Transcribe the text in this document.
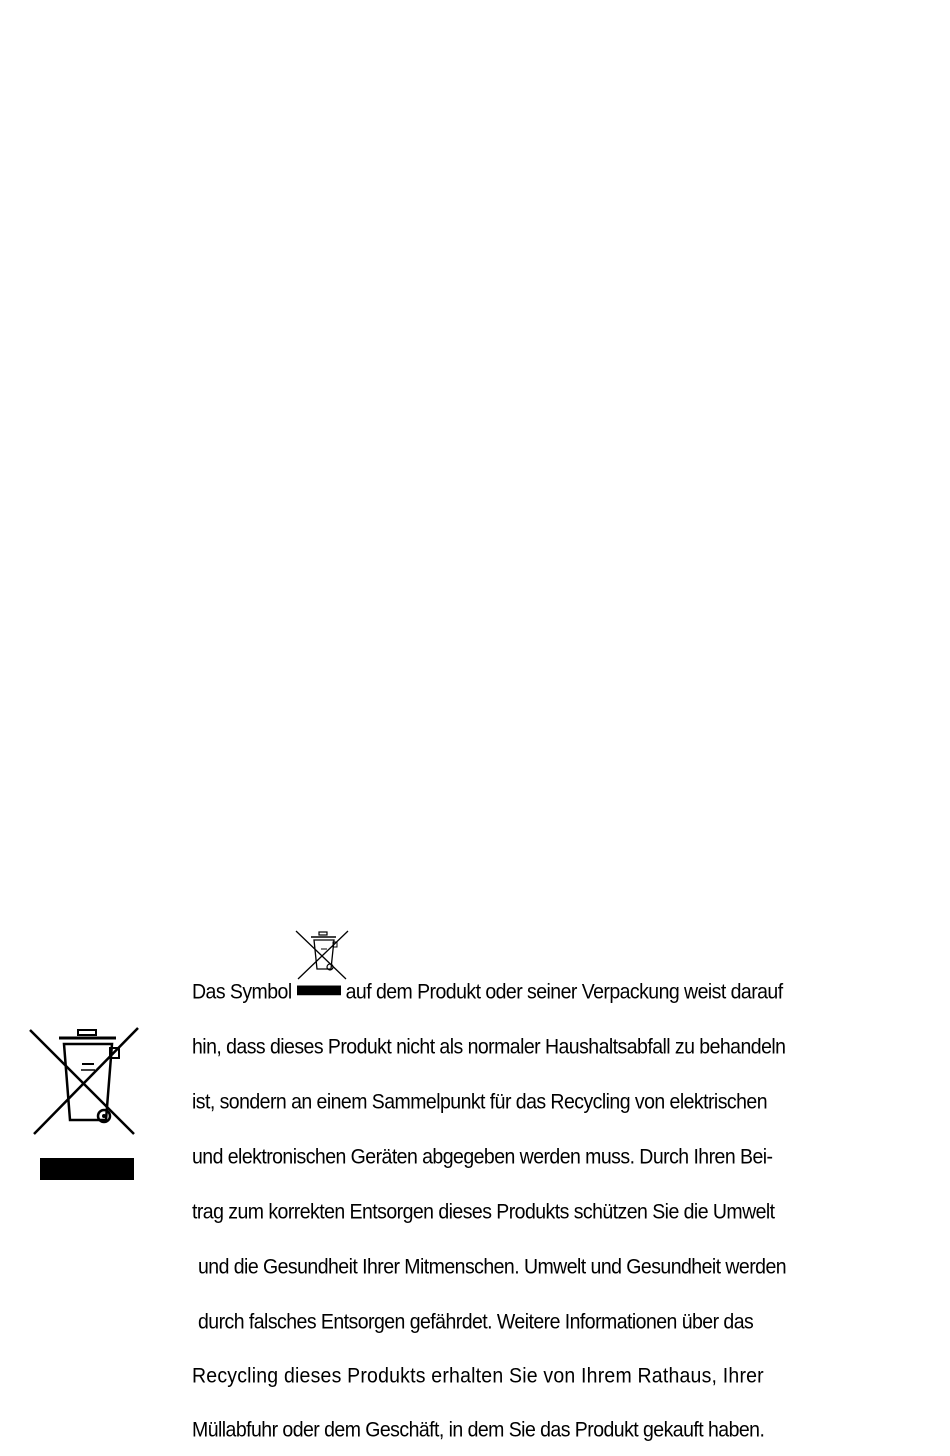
Das Symbol	auf dem Produkt oder seiner Verpackung weist darauf
hin, dass dieses Produkt nicht als normaler Haushaltsabfall zu behandeln
ist, sondern an einem Sammelpunkt für das Recycling von elektrischen
und elektronischen Geräten abgegeben werden muss. Durch Ihren Bei-
trag zum korrekten Entsorgen dieses Produkts schützen Sie die Umwelt
und die Gesundheit Ihrer Mitmenschen. Umwelt und Gesundheit werden
durch falsches Entsorgen gefährdet. Weitere Informationen über das
Recycling dieses Produkts erhalten Sie von Ihrem Rathaus, Ihrer
Müllabfuhr oder dem Geschäft, in dem Sie das Produkt gekauft haben.
